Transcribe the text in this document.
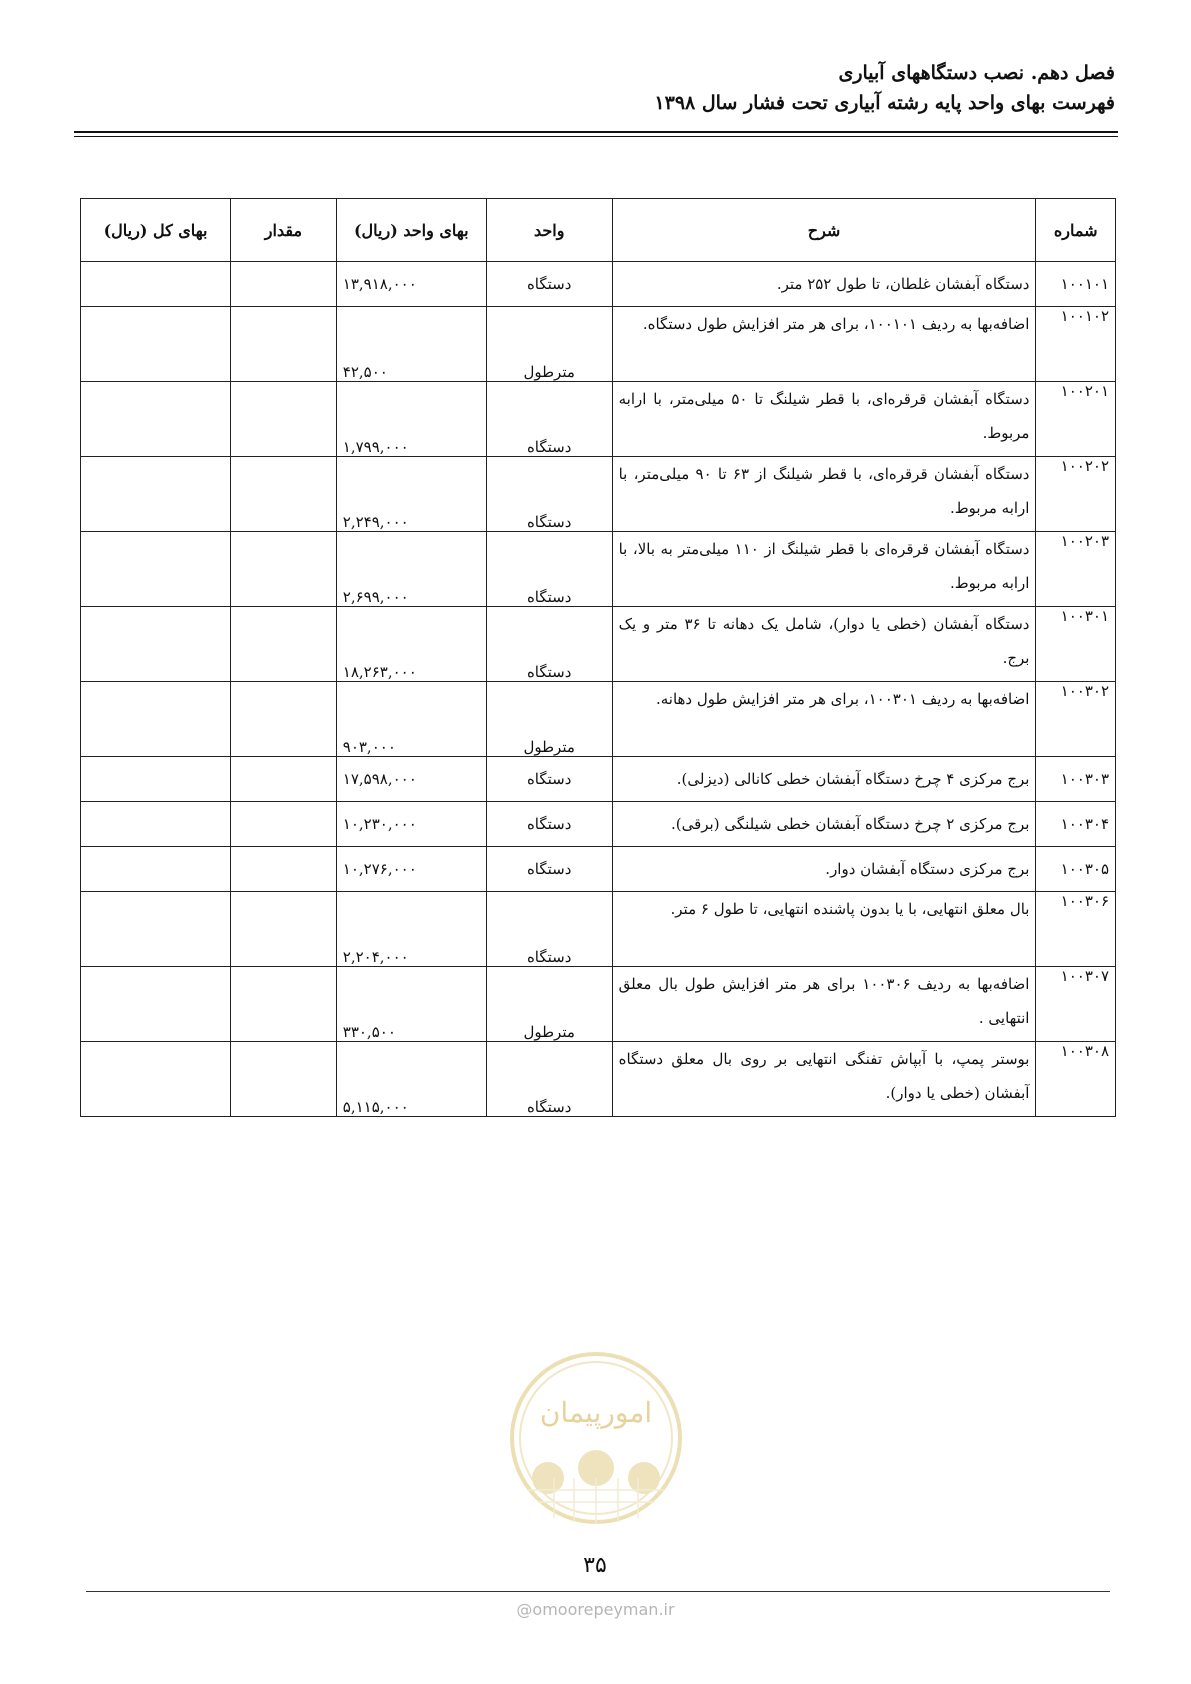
فصل دهم. نصب دستگاههای آبیاری
فهرست بهای واحد پایه رشته آبیاری تحت فشار سال ۱۳۹۸
شماره	شرح	واحد	بهای واحد (ریال)	مقدار	بهای کل (ریال)
۱۰۰۱۰۱	دستگاه آبفشان غلطان، تا طول ۲۵۲ متر.	دستگاه	۱۳,۹۱۸,۰۰۰		
۱۰۰۱۰۲	اضافه‌بها به ردیف ۱۰۰۱۰۱، برای هر متر افزایش طول دستگاه.	مترطول	۴۲,۵۰۰		
۱۰۰۲۰۱	دستگاه آبفشان قرقره‌ای، با قطر شیلنگ تا ۵۰ میلی‌متر، با ارابه مربوط.	دستگاه	۱,۷۹۹,۰۰۰		
۱۰۰۲۰۲	دستگاه آبفشان قرقره‌ای، با قطر شیلنگ از ۶۳ تا ۹۰ میلی‌متر، با ارابه مربوط.	دستگاه	۲,۲۴۹,۰۰۰		
۱۰۰۲۰۳	دستگاه آبفشان قرقره‌ای با قطر شیلنگ از ۱۱۰ میلی‌متر به بالا، با ارابه مربوط.	دستگاه	۲,۶۹۹,۰۰۰		
۱۰۰۳۰۱	دستگاه آبفشان (خطی یا دوار)، شامل یک دهانه تا ۳۶ متر و یک برج.	دستگاه	۱۸,۲۶۳,۰۰۰		
۱۰۰۳۰۲	اضافه‌بها به ردیف ۱۰۰۳۰۱، برای هر متر افزایش طول دهانه.	مترطول	۹۰۳,۰۰۰		
۱۰۰۳۰۳	برج مرکزی ۴ چرخ دستگاه آبفشان خطی کانالی (دیزلی).	دستگاه	۱۷,۵۹۸,۰۰۰		
۱۰۰۳۰۴	برج مرکزی ۲ چرخ دستگاه آبفشان خطی شیلنگی (برقی).	دستگاه	۱۰,۲۳۰,۰۰۰		
۱۰۰۳۰۵	برج مرکزی دستگاه آبفشان دوار.	دستگاه	۱۰,۲۷۶,۰۰۰		
۱۰۰۳۰۶	بال معلق انتهایی، با یا بدون پاشنده انتهایی، تا طول ۶ متر.	دستگاه	۲,۲۰۴,۰۰۰		
۱۰۰۳۰۷	اضافه‌بها به ردیف ۱۰۰۳۰۶ برای هر متر افزایش طول بال معلق انتهایی .	مترطول	۳۳۰,۵۰۰		
۱۰۰۳۰۸	بوستر پمپ، با آبپاش تفنگی انتهایی بر روی بال معلق دستگاه آبفشان (خطی یا دوار).	دستگاه	۵,۱۱۵,۰۰۰		
امورپیمان
۳۵
@omoorepeyman.ir
